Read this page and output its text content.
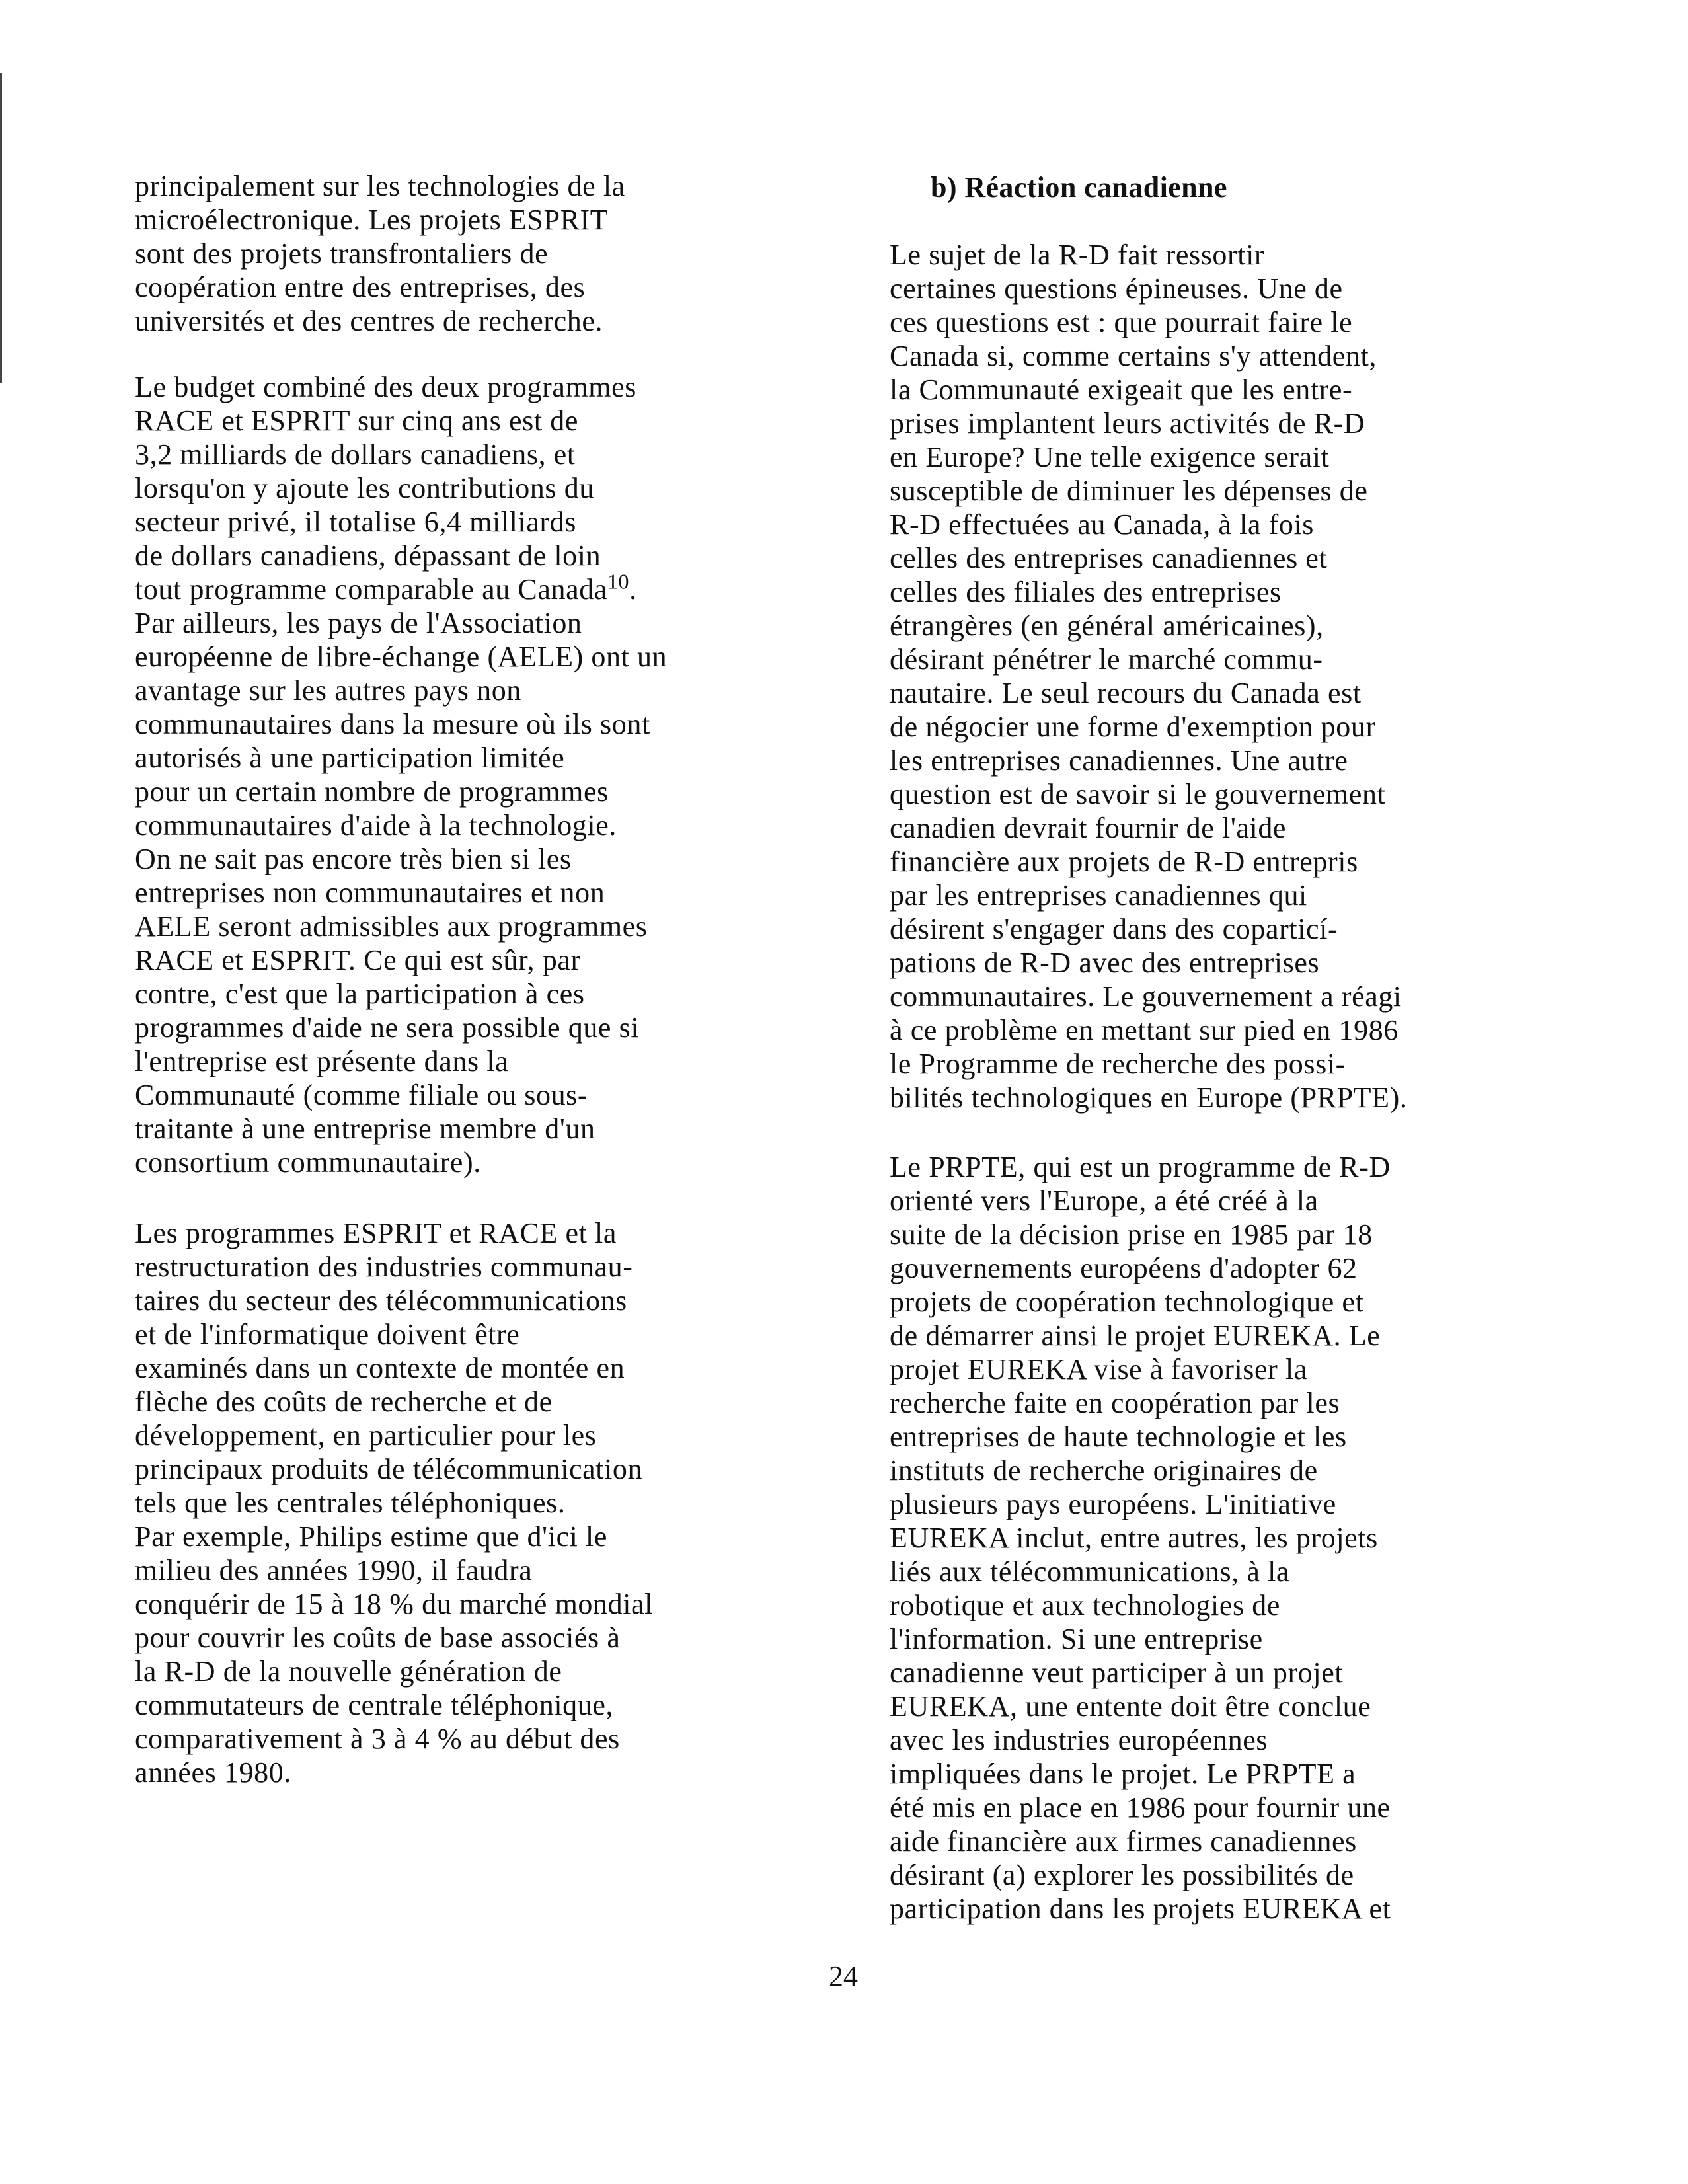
principalement sur les technologies de la
microélectronique. Les projets ESPRIT
sont des projets transfrontaliers de
coopération entre des entreprises, des
universités et des centres de recherche.
Le budget combiné des deux programmes
RACE et ESPRIT sur cinq ans est de
3,2 milliards de dollars canadiens, et
lorsqu'on y ajoute les contributions du
secteur privé, il totalise 6,4 milliards
de dollars canadiens, dépassant de loin
tout programme comparable au Canada$^{10}$.
Par ailleurs, les pays de l'Association
européenne de libre-échange (AELE) ont un
avantage sur les autres pays non
communautaires dans la mesure où ils sont
autorisés à une participation limitée
pour un certain nombre de programmes
communautaires d'aide à la technologie.
On ne sait pas encore très bien si les
entreprises non communautaires et non
AELE seront admissibles aux programmes
RACE et ESPRIT. Ce qui est sûr, par
contre, c'est que la participation à ces
programmes d'aide ne sera possible que si
l'entreprise est présente dans la
Communauté (comme filiale ou sous-
traitante à une entreprise membre d'un
consortium communautaire).
Les programmes ESPRIT et RACE et la
restructuration des industries communau-
taires du secteur des télécommunications
et de l'informatique doivent être
examinés dans un contexte de montée en
flèche des coûts de recherche et de
développement, en particulier pour les
principaux produits de télécommunication
tels que les centrales téléphoniques.
Par exemple, Philips estime que d'ici le
milieu des années 1990, il faudra
conquérir de 15 à 18 % du marché mondial
pour couvrir les coûts de base associés à
la R-D de la nouvelle génération de
commutateurs de centrale téléphonique,
comparativement à 3 à 4 % au début des
années 1980.
b) Réaction canadienne
Le sujet de la R-D fait ressortir
certaines questions épineuses. Une de
ces questions est : que pourrait faire le
Canada si, comme certains s'y attendent,
la Communauté exigeait que les entre-
prises implantent leurs activités de R-D
en Europe? Une telle exigence serait
susceptible de diminuer les dépenses de
R-D effectuées au Canada, à la fois
celles des entreprises canadiennes et
celles des filiales des entreprises
étrangères (en général américaines),
désirant pénétrer le marché commu-
nautaire. Le seul recours du Canada est
de négocier une forme d'exemption pour
les entreprises canadiennes. Une autre
question est de savoir si le gouvernement
canadien devrait fournir de l'aide
financière aux projets de R-D entrepris
par les entreprises canadiennes qui
désirent s'engager dans des coparticí-
pations de R-D avec des entreprises
communautaires. Le gouvernement a réagi
à ce problème en mettant sur pied en 1986
le Programme de recherche des possi-
bilités technologiques en Europe (PRPTE).
Le PRPTE, qui est un programme de R-D
orienté vers l'Europe, a été créé à la
suite de la décision prise en 1985 par 18
gouvernements européens d'adopter 62
projets de coopération technologique et
de démarrer ainsi le projet EUREKA. Le
projet EUREKA vise à favoriser la
recherche faite en coopération par les
entreprises de haute technologie et les
instituts de recherche originaires de
plusieurs pays européens. L'initiative
EUREKA inclut, entre autres, les projets
liés aux télécommunications, à la
robotique et aux technologies de
l'information. Si une entreprise
canadienne veut participer à un projet
EUREKA, une entente doit être conclue
avec les industries européennes
impliquées dans le projet. Le PRPTE a
été mis en place en 1986 pour fournir une
aide financière aux firmes canadiennes
désirant (a) explorer les possibilités de
participation dans les projets EUREKA et
24
